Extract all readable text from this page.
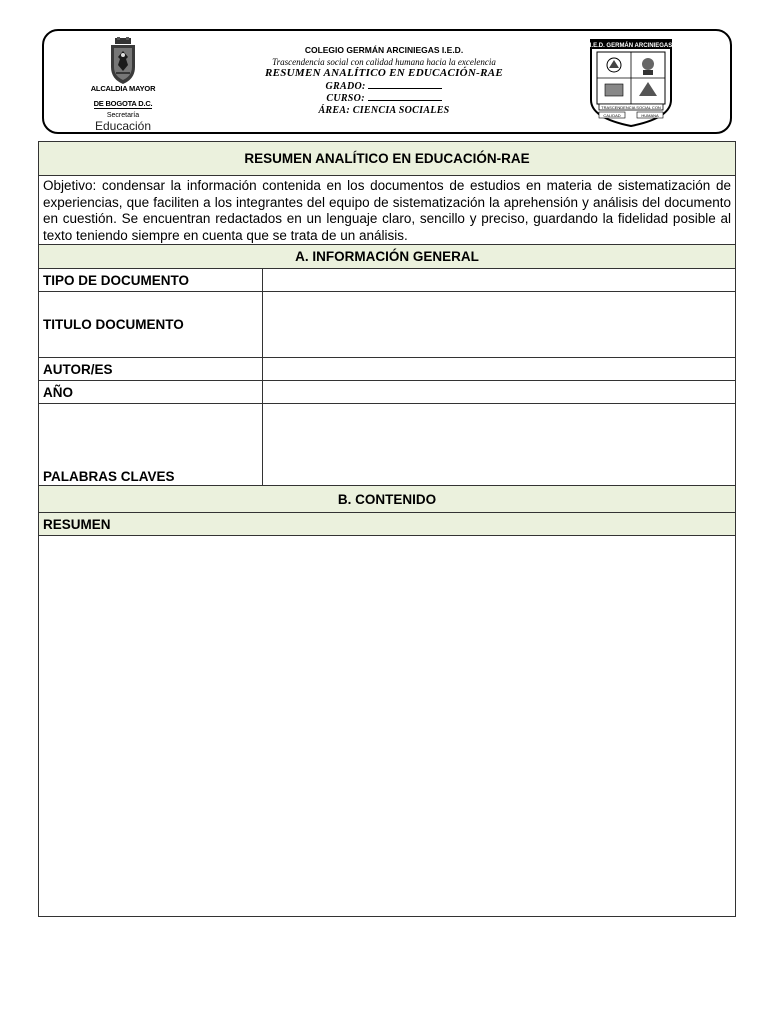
ALCALDIA MAYOR
DE BOGOTA D.C.
Secretaría
Educación
COLEGIO GERMÁN ARCINIEGAS I.E.D.
Trascendencia social con calidad humana hacia la excelencia
RESUMEN ANALÍTICO EN EDUCACIÓN-RAE
GRADO:
CURSO:
ÁREA: CIENCIA SOCIALES
I.E.D. GERMÁN ARCINIEGAS
TRASCENDENCIA SOCIAL CON
CALIDAD	HUMANA
RESUMEN ANALÍTICO EN EDUCACIÓN-RAE	
Objetivo: condensar la información contenida en los documentos de estudios en materia de sistematización de experiencias, que faciliten a los integrantes del equipo de sistematización la aprehensión y análisis del documento en cuestión. Se encuentran redactados en un lenguaje claro, sencillo y preciso, guardando la fidelidad posible al texto teniendo siempre en cuenta que se trata de un análisis.	
A. INFORMACIÓN GENERAL	
TIPO DE DOCUMENTO	
TITULO DOCUMENTO	
AUTOR/ES	
AÑO	
PALABRAS CLAVES	
B. CONTENIDO	
RESUMEN	
